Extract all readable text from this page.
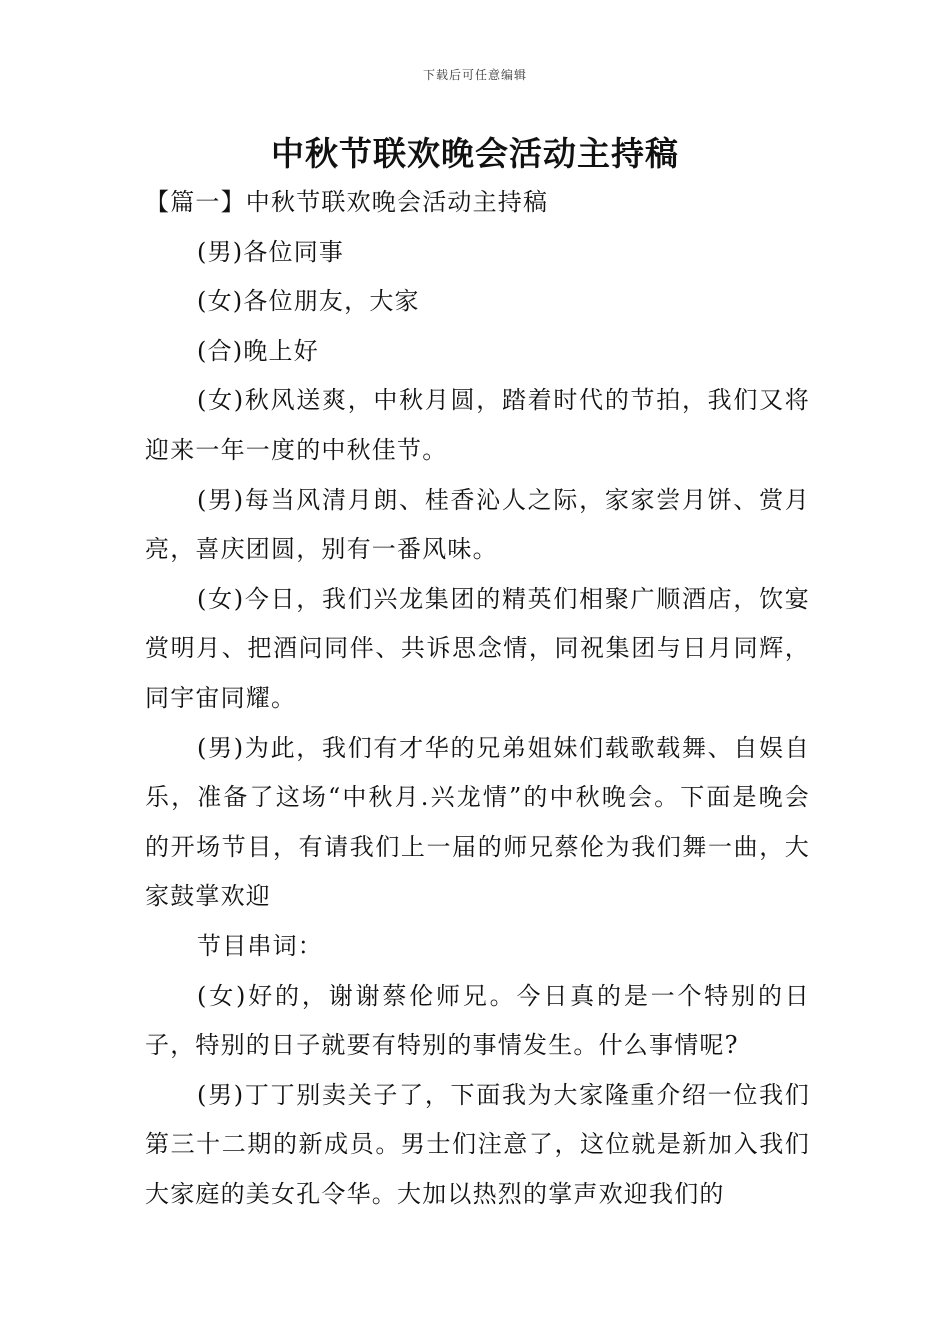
下载后可任意编辑
中秋节联欢晚会活动主持稿

【篇一】中秋节联欢晚会活动主持稿

(男)各位同事

(女)各位朋友，大家

(合)晚上好

(女)秋风送爽，中秋月圆，踏着时代的节拍，我们又将迎来一年一度的中秋佳节。

(男)每当风清月朗、桂香沁人之际，家家尝月饼、赏月亮，喜庆团圆，别有一番风味。

(女)今日，我们兴龙集团的精英们相聚广顺酒店，饮宴赏明月、把酒问同伴、共诉思念情，同祝集团与日月同辉，同宇宙同耀。

(男)为此，我们有才华的兄弟姐妹们载歌载舞、自娱自乐，准备了这场“中秋月.兴龙情”的中秋晚会。下面是晚会的开场节目，有请我们上一届的师兄蔡伦为我们舞一曲，大家鼓掌欢迎

节目串词：

(女)好的，谢谢蔡伦师兄。今日真的是一个特别的日子，特别的日子就要有特别的事情发生。什么事情呢?

(男)丁丁别卖关子了，下面我为大家隆重介绍一位我们第三十二期的新成员。男士们注意了，这位就是新加入我们大家庭的美女孔令华。大加以热烈的掌声欢迎我们的
